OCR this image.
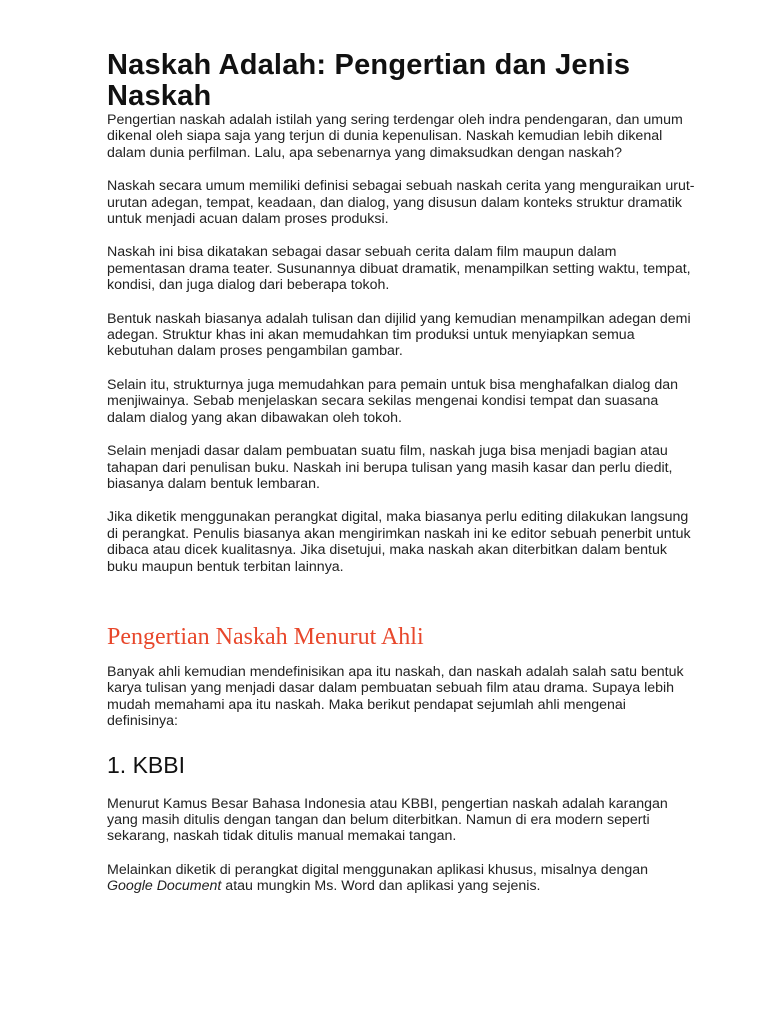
Naskah Adalah: Pengertian dan Jenis Naskah

Pengertian naskah adalah istilah yang sering terdengar oleh indra pendengaran, dan umum dikenal oleh siapa saja yang terjun di dunia kepenulisan. Naskah kemudian lebih dikenal dalam dunia perfilman. Lalu, apa sebenarnya yang dimaksudkan dengan naskah?

Naskah secara umum memiliki definisi sebagai sebuah naskah cerita yang menguraikan urut-urutan adegan, tempat, keadaan, dan dialog, yang disusun dalam konteks struktur dramatik untuk menjadi acuan dalam proses produksi.

Naskah ini bisa dikatakan sebagai dasar sebuah cerita dalam film maupun dalam pementasan drama teater. Susunannya dibuat dramatik, menampilkan setting waktu, tempat, kondisi, dan juga dialog dari beberapa tokoh.

Bentuk naskah biasanya adalah tulisan dan dijilid yang kemudian menampilkan adegan demi adegan. Struktur khas ini akan memudahkan tim produksi untuk menyiapkan semua kebutuhan dalam proses pengambilan gambar.

Selain itu, strukturnya juga memudahkan para pemain untuk bisa menghafalkan dialog dan menjiwainya. Sebab menjelaskan secara sekilas mengenai kondisi tempat dan suasana dalam dialog yang akan dibawakan oleh tokoh.

Selain menjadi dasar dalam pembuatan suatu film, naskah juga bisa menjadi bagian atau tahapan dari penulisan buku. Naskah ini berupa tulisan yang masih kasar dan perlu diedit, biasanya dalam bentuk lembaran.

Jika diketik menggunakan perangkat digital, maka biasanya perlu editing dilakukan langsung di perangkat. Penulis biasanya akan mengirimkan naskah ini ke editor sebuah penerbit untuk dibaca atau dicek kualitasnya. Jika disetujui, maka naskah akan diterbitkan dalam bentuk buku maupun bentuk terbitan lainnya.

Pengertian Naskah Menurut Ahli

Banyak ahli kemudian mendefinisikan apa itu naskah, dan naskah adalah salah satu bentuk karya tulisan yang menjadi dasar dalam pembuatan sebuah film atau drama. Supaya lebih mudah memahami apa itu naskah. Maka berikut pendapat sejumlah ahli mengenai definisinya:

1. KBBI

Menurut Kamus Besar Bahasa Indonesia atau KBBI, pengertian naskah adalah karangan yang masih ditulis dengan tangan dan belum diterbitkan. Namun di era modern seperti sekarang, naskah tidak ditulis manual memakai tangan.

Melainkan diketik di perangkat digital menggunakan aplikasi khusus, misalnya dengan Google Document atau mungkin Ms. Word dan aplikasi yang sejenis.
